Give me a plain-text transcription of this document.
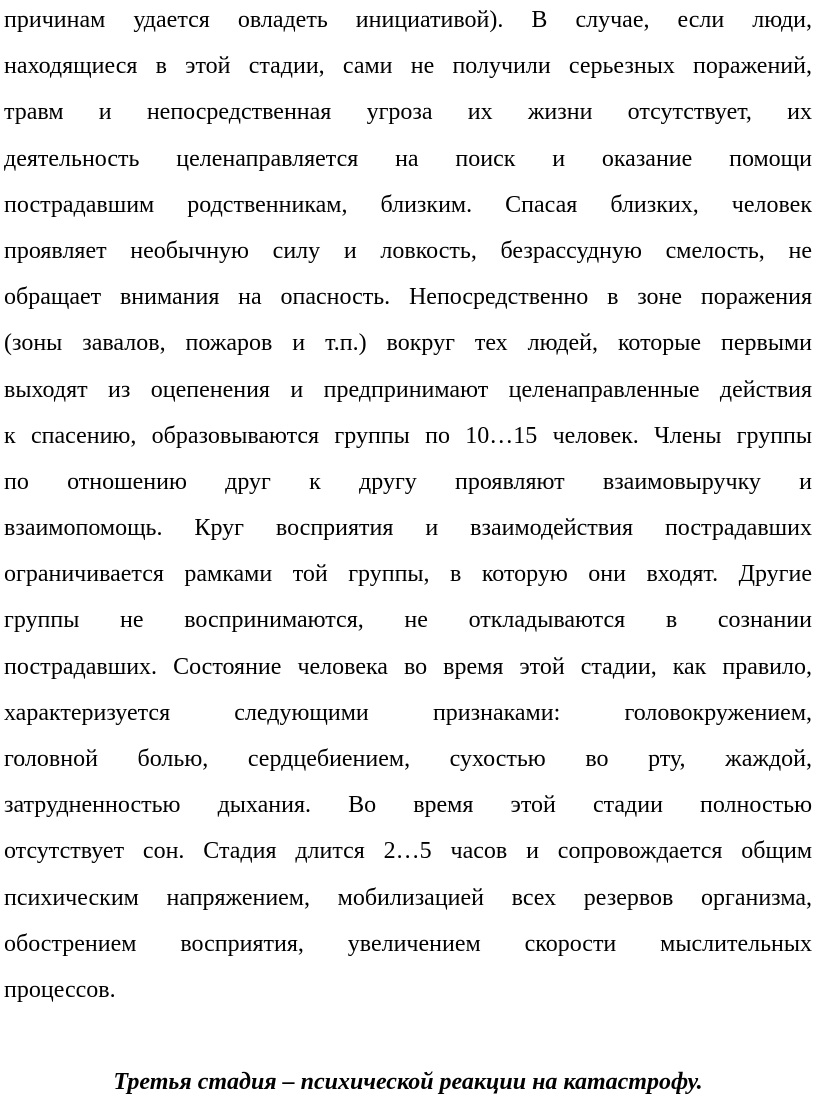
причинам удается овладеть инициативой). В случае, если люди,
находящиеся в этой стадии, сами не получили серьезных поражений,
травм и непосредственная угроза их жизни отсутствует, их
деятельность целенаправляется на поиск и оказание помощи
пострадавшим родственникам, близким. Спасая близких, человек
проявляет необычную силу и ловкость, безрассудную смелость, не
обращает внимания на опасность. Непосредственно в зоне поражения
(зоны завалов, пожаров и т.п.) вокруг тех людей, которые первыми
выходят из оцепенения и предпринимают целенаправленные действия
к спасению, образовываются группы по 10…15 человек. Члены группы
по отношению друг к другу проявляют взаимовыручку и
взаимопомощь. Круг восприятия и взаимодействия пострадавших
ограничивается рамками той группы, в которую они входят. Другие
группы не воспринимаются, не откладываются в сознании
пострадавших. Состояние человека во время этой стадии, как правило,
характеризуется следующими признаками: головокружением,
головной болью, сердцебиением, сухостью во рту, жаждой,
затрудненностью дыхания. Во время этой стадии полностью
отсутствует сон. Стадия длится 2…5 часов и сопровождается общим
психическим напряжением, мобилизацией всех резервов организма,
обострением восприятия, увеличением скорости мыслительных
процессов.
Третья стадия – психической реакции на катастрофу.
